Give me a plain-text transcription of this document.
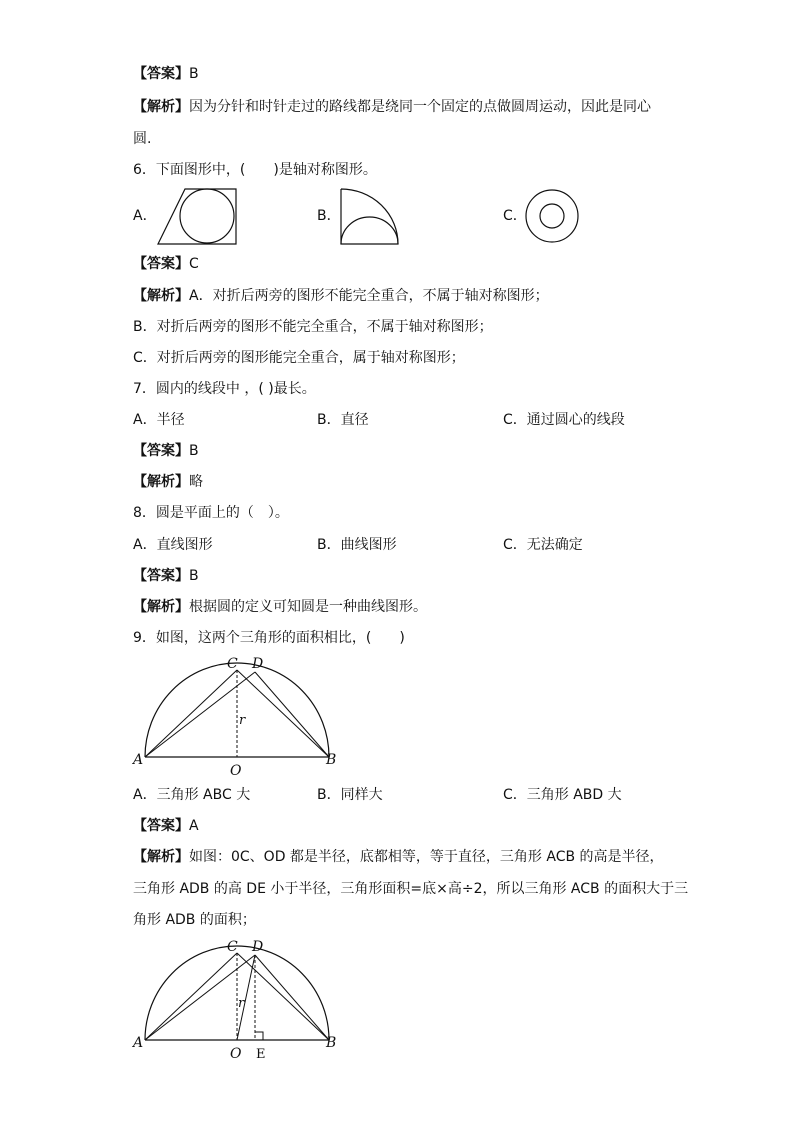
【答案】B
【解析】因为分针和时针走过的路线都是绕同一个固定的点做圆周运动，因此是同心
圆.
6．下面图形中，(　　)是轴对称图形。
A．	B．	C．
【答案】C
【解析】A．对折后两旁的图形不能完全重合，不属于轴对称图形；
B．对折后两旁的图形不能完全重合，不属于轴对称图形；
C．对折后两旁的图形能完全重合，属于轴对称图形；
7．圆内的线段中 ，( )最长。
A．半径	B．直径	C．通过圆心的线段
【答案】B
【解析】略
8．圆是平面上的（　）。
A．直线图形	B．曲线图形	C．无法确定
【答案】B
【解析】根据圆的定义可知圆是一种曲线图形。
9．如图，这两个三角形的面积相比，(　　)
C D
r
A	B
O
A．三角形 ABC 大	B．同样大	C．三角形 ABD 大
【答案】A
【解析】如图：0C、OD 都是半径，底都相等，等于直径，三角形 ACB 的高是半径，
三角形 ADB 的高 DE 小于半径，三角形面积=底×高÷2，所以三角形 ACB 的面积大于三
角形 ADB 的面积；
C D
r
A	B
O E
